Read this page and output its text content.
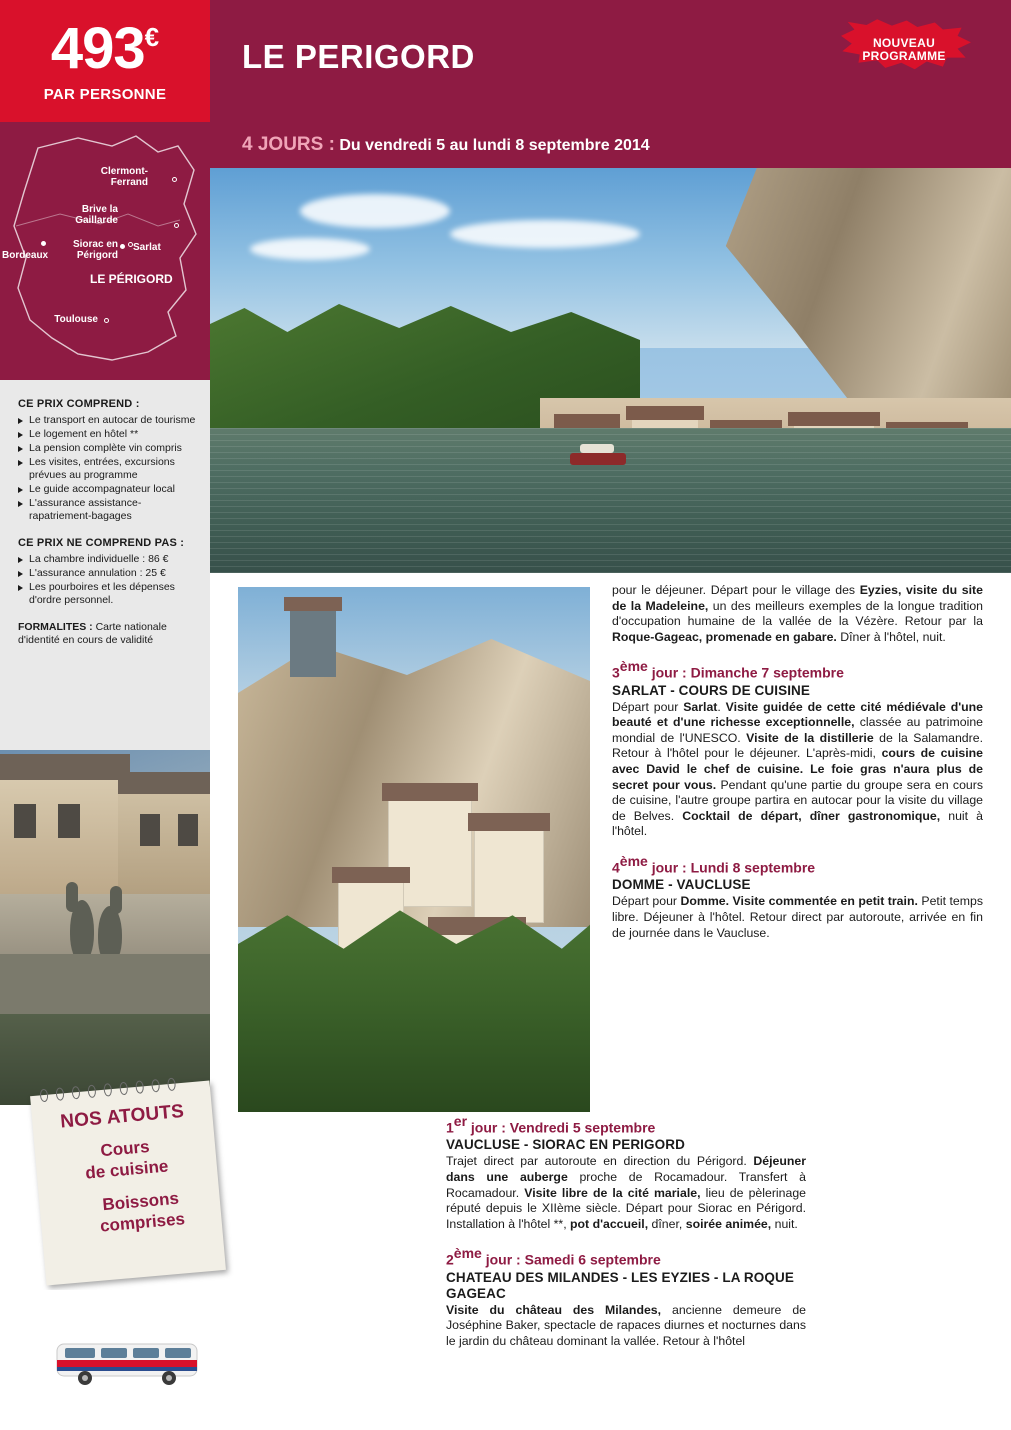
493 €
PAR PERSONNE
Clermont-Ferrand
Brive la Gaillarde
Siorac en Périgord
Sarlat
Bordeaux
LE PÉRIGORD
Toulouse
CE PRIX COMPREND :
Le transport en autocar de tourisme
Le logement en hôtel **
La pension complète vin compris
Les visites, entrées, excursions prévues au programme
Le guide accompagnateur local
L'assurance assistance-rapatriement-bagages
CE PRIX NE COMPREND PAS :
La chambre individuelle : 86 €
L'assurance annulation : 25 €
Les pourboires et les dépenses d'ordre personnel.
FORMALITES : Carte nationale d'identité en cours de validité
NOS ATOUTS
Cours
de cuisine
Boissons
comprises
LE PERIGORD	NOUVEAU
PROGRAMME
4 JOURS : Du vendredi 5 au lundi 8 septembre 2014

pour le déjeuner. Départ pour le village des Eyzies, visite du site de la Madeleine, un des meilleurs exemples de la longue tradition d'occupation humaine de la vallée de la Vézère. Retour par la Roque-Gageac, promenade en gabare. Dîner à l'hôtel, nuit.

3ème jour : Dimanche 7 septembre
SARLAT - COURS DE CUISINE

Départ pour Sarlat. Visite guidée de cette cité médiévale d'une beauté et d'une richesse exceptionnelle, classée au patrimoine mondial de l'UNESCO. Visite de la distillerie de la Salamandre. Retour à l'hôtel pour le déjeuner. L'après-midi, cours de cuisine avec David le chef de cuisine. Le foie gras n'aura plus de secret pour vous. Pendant qu'une partie du groupe sera en cours de cuisine, l'autre groupe partira en autocar pour la visite du village de Belves. Cocktail de départ, dîner gastronomique, nuit à l'hôtel.

4ème jour : Lundi 8 septembre
DOMME - VAUCLUSE

Départ pour Domme. Visite commentée en petit train. Petit temps libre. Déjeuner à l'hôtel. Retour direct par autoroute, arrivée en fin de journée dans le Vaucluse.

1er jour : Vendredi 5 septembre
VAUCLUSE - SIORAC EN PERIGORD

Trajet direct par autoroute en direction du Périgord. Déjeuner dans une auberge proche de Rocamadour. Transfert à Rocamadour. Visite libre de la cité mariale, lieu de pèlerinage réputé depuis le XIIème siècle. Départ pour Siorac en Périgord. Installation à l'hôtel **, pot d'accueil, dîner, soirée animée, nuit.

2ème jour : Samedi 6 septembre
CHATEAU DES MILANDES - LES EYZIES - LA ROQUE GAGEAC

Visite du château des Milandes, ancienne demeure de Joséphine Baker, spectacle de rapaces diurnes et nocturnes dans le jardin du château dominant la vallée. Retour à l'hôtel
